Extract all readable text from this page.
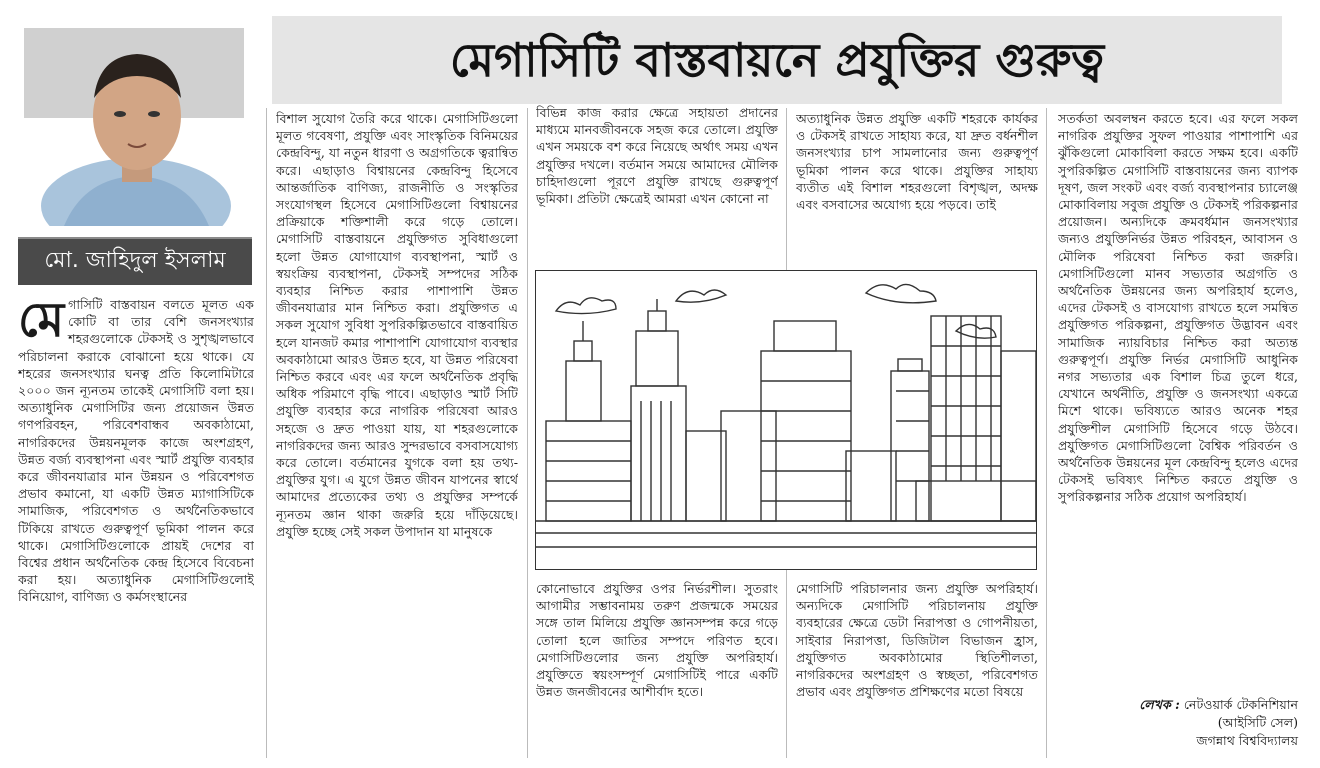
মেগাসিটি বাস্তবায়নে প্রযুক্তির গুরুত্ব
মো. জাহিদুল ইসলাম

মেগাসিটি বাস্তবায়ন বলতে মূলত এক কোটি বা তার বেশি জনসংখ্যার শহরগুলোকে টেকসই ও সুশৃঙ্খলভাবে পরিচালনা করাকে বোঝানো হয়ে থাকে। যে শহরের জনসংখ্যার ঘনত্ব প্রতি কিলোমিটারে ২০০০ জন ন্যূনতম তাকেই মেগাসিটি বলা হয়। অত্যাধুনিক মেগাসিটির জন্য প্রয়োজন উন্নত গণপরিবহন, পরিবেশবান্ধব অবকাঠামো, নাগরিকদের উন্নয়নমূলক কাজে অংশগ্রহণ, উন্নত বর্জ্য ব্যবস্থাপনা এবং স্মার্ট প্রযুক্তি ব্যবহার করে জীবনযাত্রার মান উন্নয়ন ও পরিবেশগত প্রভাব কমানো, যা একটি উন্নত ম্যাগাসিটিকে সামাজিক, পরিবেশগত ও অর্থনৈতিকভাবে টিকিয়ে রাখতে গুরুত্বপূর্ণ ভূমিকা পালন করে থাকে। মেগাসিটিগুলোকে প্রায়ই দেশের বা বিশ্বের প্রধান অর্থনৈতিক কেন্দ্র হিসেবে বিবেচনা করা হয়। অত্যাধুনিক মেগাসিটিগুলোই বিনিয়োগ, বাণিজ্য ও কর্মসংস্থানের

বিশাল সুযোগ তৈরি করে থাকে। মেগাসিটিগুলো মূলত গবেষণা, প্রযুক্তি এবং সাংস্কৃতিক বিনিময়ের কেন্দ্রবিন্দু, যা নতুন ধারণা ও অগ্রগতিকে ত্বরান্বিত করে। এছাড়াও বিশ্বায়নের কেন্দ্রবিন্দু হিসেবে আন্তর্জাতিক বাণিজ্য, রাজনীতি ও সংস্কৃতির সংযোগস্থল হিসেবে মেগাসিটিগুলো বিশ্বায়নের প্রক্রিয়াকে শক্তিশালী করে গড়ে তোলে। মেগাসিটি বাস্তবায়নে প্রযুক্তিগত সুবিধাগুলো হলো উন্নত যোগাযোগ ব্যবস্থাপনা, স্মার্ট ও স্বয়ংক্রিয় ব্যবস্থাপনা, টেকসই সম্পদের সঠিক ব্যবহার নিশ্চিত করার পাশাপাশি উন্নত জীবনযাত্রার মান নিশ্চিত করা। প্রযুক্তিগত এ সকল সুযোগ সুবিধা সুপরিকল্পিতভাবে বাস্তবায়িত হলে যানজট কমার পাশাপাশি যোগাযোগ ব্যবস্থার অবকাঠামো আরও উন্নত হবে, যা উন্নত পরিষেবা নিশ্চিত করবে এবং এর ফলে অর্থনৈতিক প্রবৃদ্ধি অধিক পরিমাণে বৃদ্ধি পাবে। এছাড়াও স্মার্ট সিটি প্রযুক্তি ব্যবহার করে নাগরিক পরিষেবা আরও সহজে ও দ্রুত পাওয়া যায়, যা শহরগুলোকে নাগরিকদের জন্য আরও সুন্দরভাবে বসবাসযোগ্য করে তোলে। বর্তমানের যুগকে বলা হয় তথ্য-প্রযুক্তির যুগ। এ যুগে উন্নত জীবন যাপনের স্বার্থে আমাদের প্রত্যেকের তথ্য ও প্রযুক্তির সম্পর্কে ন্যূনতম জ্ঞান থাকা জরুরি হয়ে দাঁড়িয়েছে। প্রযুক্তি হচ্ছে সেই সকল উপাদান যা মানুষকে

বিভিন্ন কাজ করার ক্ষেত্রে সহায়তা প্রদানের মাধ্যমে মানবজীবনকে সহজ করে তোলে। প্রযুক্তি এখন সময়কে বশ করে নিয়েছে অর্থাৎ সময় এখন প্রযুক্তির দখলে। বর্তমান সময়ে আমাদের মৌলিক চাহিদাগুলো পূরণে প্রযুক্তি রাখছে গুরুত্বপূর্ণ ভূমিকা। প্রতিটা ক্ষেত্রেই আমরা এখন কোনো না

অত্যাধুনিক উন্নত প্রযুক্তি একটি শহরকে কার্যকর ও টেকসই রাখতে সাহায্য করে, যা দ্রুত বর্ধনশীল জনসংখ্যার চাপ সামলানোর জন্য গুরুত্বপূর্ণ ভূমিকা পালন করে থাকে। প্রযুক্তির সাহায্য ব্যতীত এই বিশাল শহরগুলো বিশৃঙ্খল, অদক্ষ এবং বসবাসের অযোগ্য হয়ে পড়বে। তাই

কোনোভাবে প্রযুক্তির ওপর নির্ভরশীল। সুতরাং আগামীর সম্ভাবনাময় তরুণ প্রজন্মকে সময়ের সঙ্গে তাল মিলিয়ে প্রযুক্তি জ্ঞানসম্পন্ন করে গড়ে তোলা হলে জাতির সম্পদে পরিণত হবে। মেগাসিটিগুলোর জন্য প্রযুক্তি অপরিহার্য। প্রযুক্তিতে স্বয়ংসম্পূর্ণ মেগাসিটিই পারে একটি উন্নত জনজীবনের আশীর্বাদ হতে।

মেগাসিটি পরিচালনার জন্য প্রযুক্তি অপরিহার্য। অন্যদিকে মেগাসিটি পরিচালনায় প্রযুক্তি ব্যবহারের ক্ষেত্রে ডেটা নিরাপত্তা ও গোপনীয়তা, সাইবার নিরাপত্তা, ডিজিটাল বিভাজন হ্রাস, প্রযুক্তিগত অবকাঠামোর স্থিতিশীলতা, নাগরিকদের অংশগ্রহণ ও স্বচ্ছতা, পরিবেশগত প্রভাব এবং প্রযুক্তিগত প্রশিক্ষণের মতো বিষয়ে

সতর্কতা অবলম্বন করতে হবে। এর ফলে সকল নাগরিক প্রযুক্তির সুফল পাওয়ার পাশাপাশি এর ঝুঁকিগুলো মোকাবিলা করতে সক্ষম হবে। একটি সুপরিকল্পিত মেগাসিটি বাস্তবায়নের জন্য ব্যাপক দূষণ, জল সংকট এবং বর্জ্য ব্যবস্থাপনার চ্যালেঞ্জ মোকাবিলায় সবুজ প্রযুক্তি ও টেকসই পরিকল্পনার প্রয়োজন। অন্যদিকে ক্রমবর্ধমান জনসংখ্যার জন্যও প্রযুক্তিনির্ভর উন্নত পরিবহন, আবাসন ও মৌলিক পরিষেবা নিশ্চিত করা জরুরি। মেগাসিটিগুলো মানব সভ্যতার অগ্রগতি ও অর্থনৈতিক উন্নয়নের জন্য অপরিহার্য হলেও, এদের টেকসই ও বাসযোগ্য রাখতে হলে সমন্বিত প্রযুক্তিগত পরিকল্পনা, প্রযুক্তিগত উদ্ভাবন এবং সামাজিক ন্যায়বিচার নিশ্চিত করা অত্যন্ত গুরুত্বপূর্ণ। প্রযুক্তি নির্ভর মেগাসিটি আধুনিক নগর সভ্যতার এক বিশাল চিত্র তুলে ধরে, যেখানে অর্থনীতি, প্রযুক্তি ও জনসংখ্যা একত্রে মিশে থাকে। ভবিষ্যতে আরও অনেক শহর প্রযুক্তিশীল মেগাসিটি হিসেবে গড়ে উঠবে। প্রযুক্তিগত মেগাসিটিগুলো বৈশ্বিক পরিবর্তন ও অর্থনৈতিক উন্নয়নের মূল কেন্দ্রবিন্দু হলেও এদের টেকসই ভবিষ্যৎ নিশ্চিত করতে প্রযুক্তি ও সুপরিকল্পনার সঠিক প্রয়োগ অপরিহার্য।

লেখক : নেটওয়ার্ক টেকনিশিয়ান
(আইসিটি সেল)
জগন্নাথ বিশ্ববিদ্যালয়
